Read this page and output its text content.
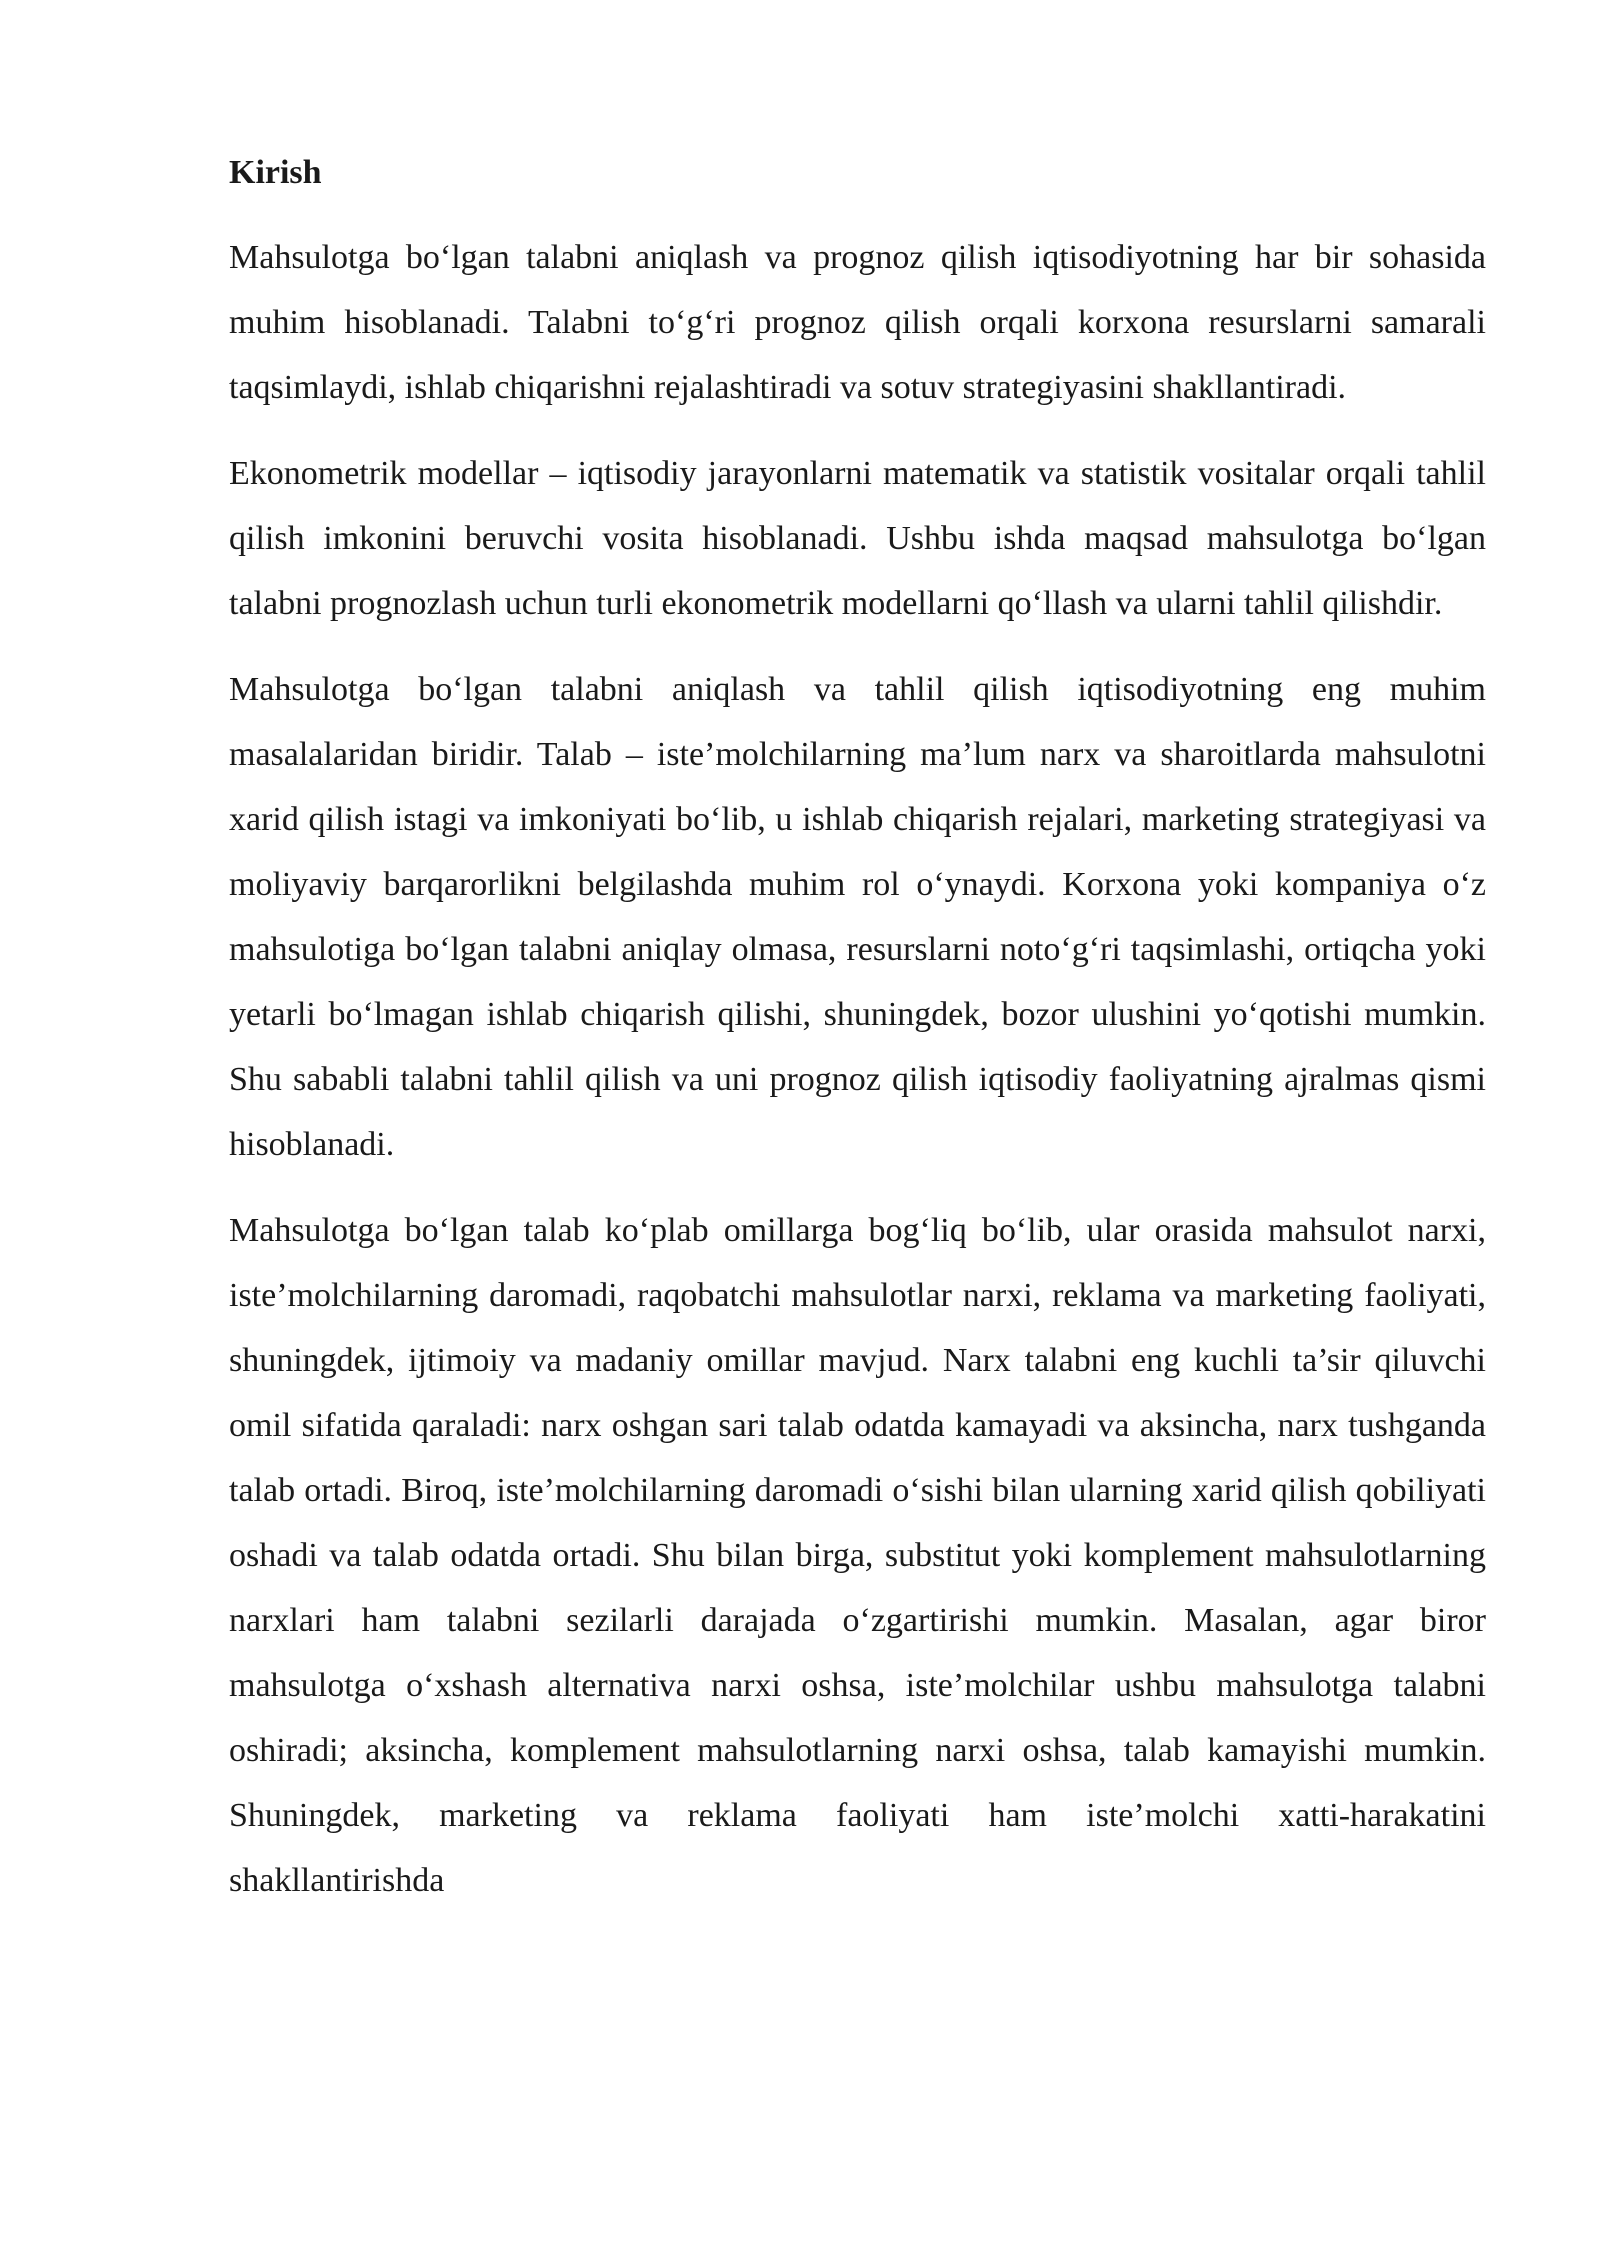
Kirish

Mahsulotga bo‘lgan talabni aniqlash va prognoz qilish iqtisodiyotning har bir sohasida muhim hisoblanadi. Talabni to‘g‘ri prognoz qilish orqali korxona resurslarni samarali taqsimlaydi, ishlab chiqarishni rejalashtiradi va sotuv strategiyasini shakllantiradi.

Ekonometrik modellar – iqtisodiy jarayonlarni matematik va statistik vositalar orqali tahlil qilish imkonini beruvchi vosita hisoblanadi. Ushbu ishda maqsad mahsulotga bo‘lgan talabni prognozlash uchun turli ekonometrik modellarni qo‘llash va ularni tahlil qilishdir.

Mahsulotga bo‘lgan talabni aniqlash va tahlil qilish iqtisodiyotning eng muhim masalalaridan biridir. Talab – iste’molchilarning ma’lum narx va sharoitlarda mahsulotni xarid qilish istagi va imkoniyati bo‘lib, u ishlab chiqarish rejalari, marketing strategiyasi va moliyaviy barqarorlikni belgilashda muhim rol o‘ynaydi. Korxona yoki kompaniya o‘z mahsulotiga bo‘lgan talabni aniqlay olmasa, resurslarni noto‘g‘ri taqsimlashi, ortiqcha yoki yetarli bo‘lmagan ishlab chiqarish qilishi, shuningdek, bozor ulushini yo‘qotishi mumkin. Shu sababli talabni tahlil qilish va uni prognoz qilish iqtisodiy faoliyatning ajralmas qismi hisoblanadi.

Mahsulotga bo‘lgan talab ko‘plab omillarga bog‘liq bo‘lib, ular orasida mahsulot narxi, iste’molchilarning daromadi, raqobatchi mahsulotlar narxi, reklama va marketing faoliyati, shuningdek, ijtimoiy va madaniy omillar mavjud. Narx talabni eng kuchli ta’sir qiluvchi omil sifatida qaraladi: narx oshgan sari talab odatda kamayadi va aksincha, narx tushganda talab ortadi. Biroq, iste’molchilarning daromadi o‘sishi bilan ularning xarid qilish qobiliyati oshadi va talab odatda ortadi. Shu bilan birga, substitut yoki komplement mahsulotlarning narxlari ham talabni sezilarli darajada o‘zgartirishi mumkin. Masalan, agar biror mahsulotga o‘xshash alternativa narxi oshsa, iste’molchilar ushbu mahsulotga talabni oshiradi; aksincha, komplement mahsulotlarning narxi oshsa, talab kamayishi mumkin. Shuningdek, marketing va reklama faoliyati ham iste’molchi xatti-harakatini shakllantirishda
